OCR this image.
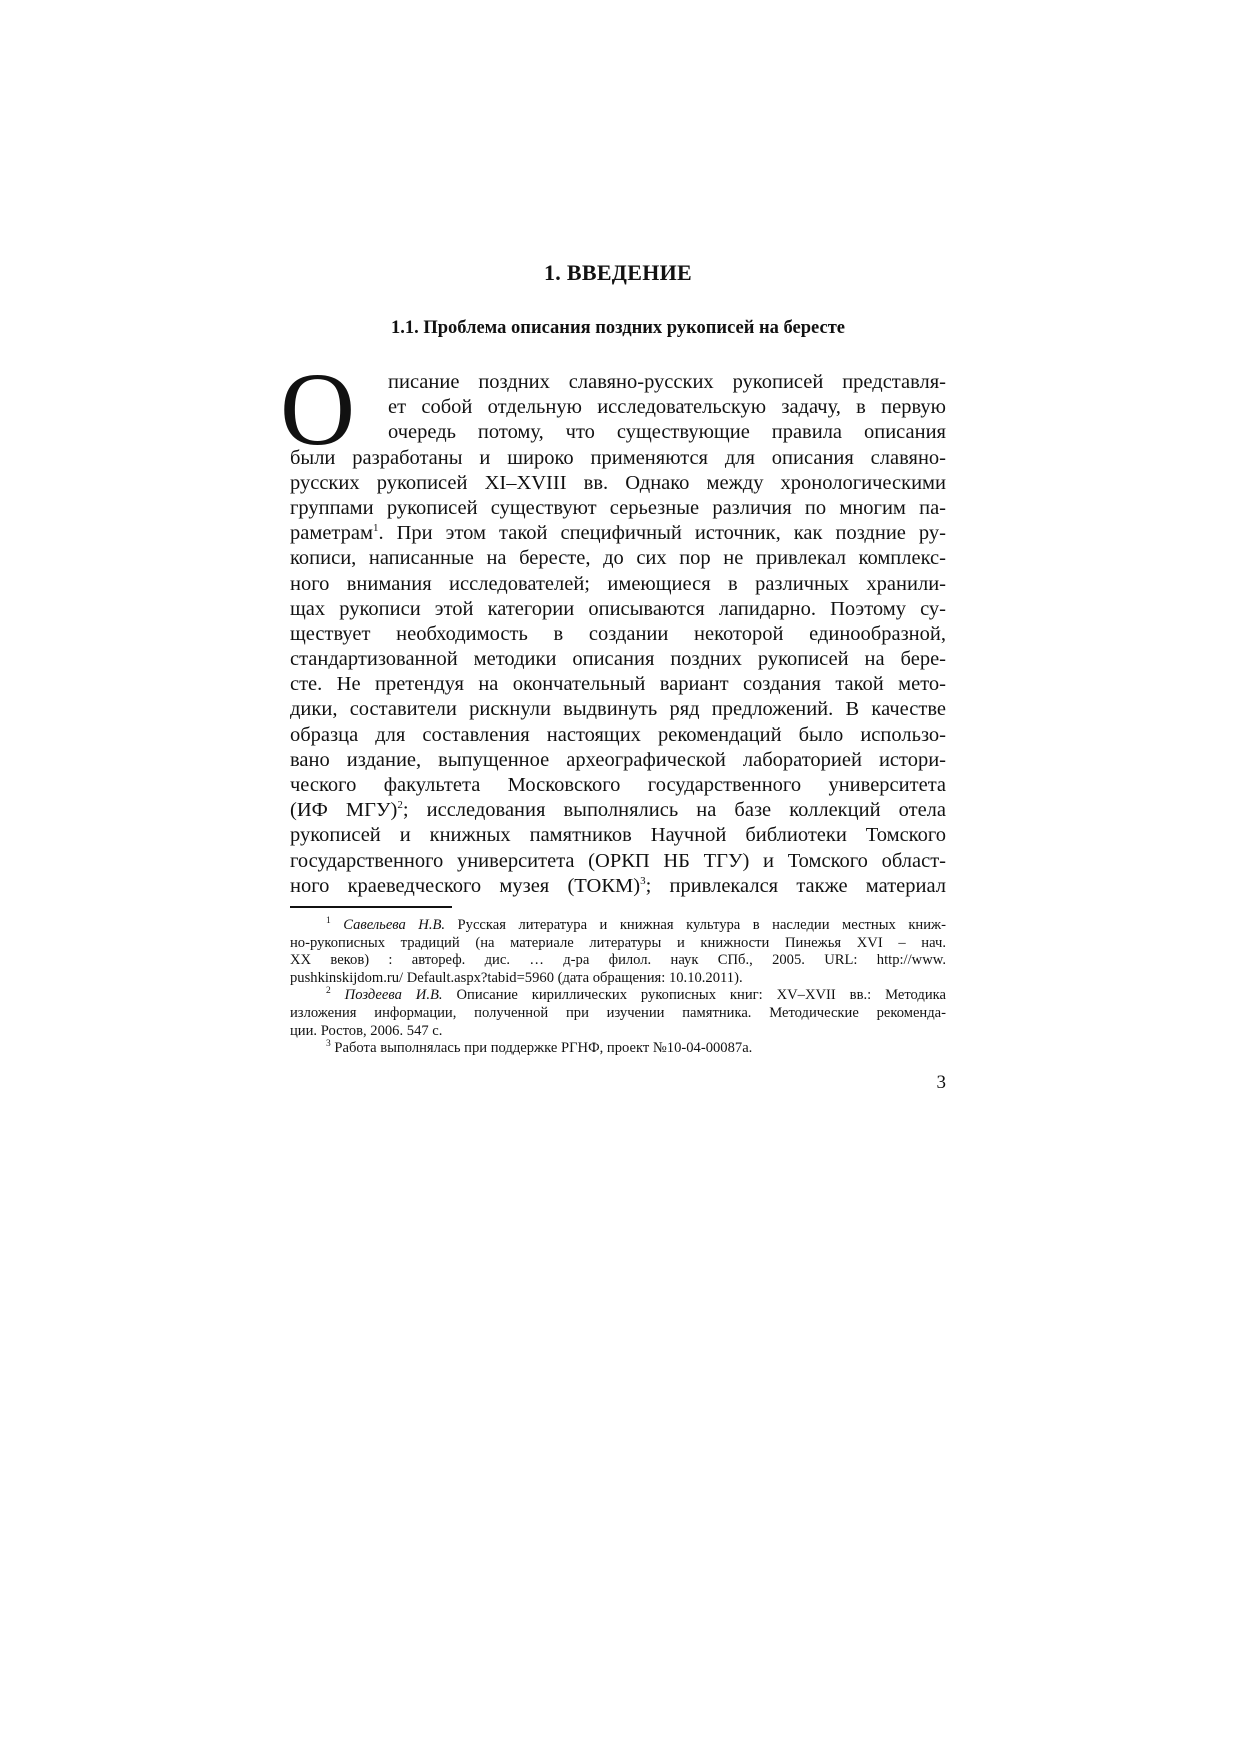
1. ВВЕДЕНИЕ
1.1. Проблема описания поздних рукописей на бересте
О	писание поздних славяно-русских рукописей представля-
ет собой отдельную исследовательскую задачу, в первую
очередь потому, что существующие правила описания
были разработаны и широко применяются для описания славяно-
русских рукописей XI–XVIII вв. Однако между хронологическими
группами рукописей существуют серьезные различия по многим па-
раметрам$^1$. При этом такой специфичный источник, как поздние ру-
кописи, написанные на бересте, до сих пор не привлекал комплекс-
ного внимания исследователей; имеющиеся в различных хранили-
щах рукописи этой категории описываются лапидарно. Поэтому су-
ществует необходимость в создании некоторой единообразной,
стандартизованной методики описания поздних рукописей на бере-
сте. Не претендуя на окончательный вариант создания такой мето-
дики, составители рискнули выдвинуть ряд предложений. В качестве
образца для составления настоящих рекомендаций было использо-
вано издание, выпущенное археографической лабораторией истори-
ческого факультета Московского государственного университета
(ИФ МГУ)$^2$; исследования выполнялись на базе коллекций отела
рукописей и книжных памятников Научной библиотеки Томского
государственного университета (ОРКП НБ ТГУ) и Томского област-
ного краеведческого музея (ТОКМ)$^3$; привлекался также материал
$^1$ Савельева Н.В. Русская литература и книжная культура в наследии местных книж-
но-рукописных традиций (на материале литературы и книжности Пинежья XVI – нач.
XX веков) : автореф. дис. … д-ра филол. наук СПб., 2005. URL: http://www.
pushkinskijdom.ru/ Default.aspx?tabid=5960 (дата обращения: 10.10.2011).
$^2$ Поздеева И.В. Описание кириллических рукописных книг: XV–XVII вв.: Методика
изложения информации, полученной при изучении памятника. Методические рекоменда-
ции. Ростов, 2006. 547 с.
$^3$ Работа выполнялась при поддержке РГНФ, проект №10-04-00087а.
3
